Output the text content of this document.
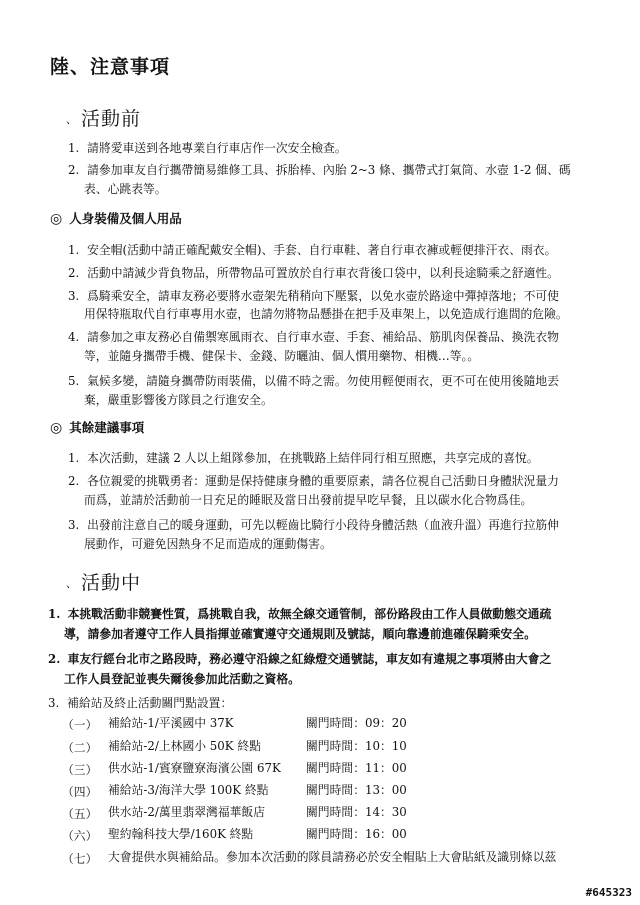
陸、注意事項
、 活動前
1. 請將愛車送到各地專業自行車店作一次安全檢查。
2. 請參加車友自行攜帶簡易維修工具、拆胎棒、內胎 2~3 條、攜帶式打氣筒、水壺 1-2 個、碼
表、心跳表等。
◎ 人身裝備及個人用品
1. 安全帽(活動中請正確配戴安全帽)、手套、自行車鞋、著自行車衣褲或輕便排汗衣、雨衣。
2. 活動中請減少背負物品，所帶物品可置放於自行車衣背後口袋中，以利長途騎乘之舒適性。
3. 爲騎乘安全，請車友務必要將水壺架先稍稍向下壓緊，以免水壺於路途中彈掉落地；不可使
用保特瓶取代自行車專用水壺，也請勿將物品懸掛在把手及車架上，以免造成行進間的危險。
4. 請參加之車友務必自備禦寒風雨衣、自行車水壺、手套、補給品、筋肌肉保養品、換洗衣物
等，並隨身攜帶手機、健保卡、金錢、防曬油、個人慣用藥物、相機…等。。
5. 氣候多變，請隨身攜帶防雨裝備，以備不時之需。勿使用輕便雨衣，更不可在使用後隨地丟
棄，嚴重影響後方隊員之行進安全。
◎ 其餘建議事項
1. 本次活動，建議 2 人以上組隊參加，在挑戰路上結伴同行相互照應，共享完成的喜悅。
2. 各位親愛的挑戰勇者：運動是保持健康身體的重要原素，請各位視自己活動日身體狀況量力
而爲，並請於活動前一日充足的睡眠及當日出發前提早吃早餐，且以碳水化合物爲佳。
3. 出發前注意自己的暖身運動，可先以輕齒比騎行小段待身體活熱（血液升溫）再進行拉筋伸
展動作，可避免因熱身不足而造成的運動傷害。
、 活動中
1. 本挑戰活動非競賽性質，爲挑戰自我，故無全線交通管制，部份路段由工作人員做動態交通疏
導，請參加者遵守工作人員指揮並確實遵守交通規則及號誌，順向靠邊前進確保騎乘安全。
2. 車友行經台北市之路段時，務必遵守沿線之紅綠燈交通號誌，車友如有違規之事項將由大會之
工作人員登記並喪失爾後參加此活動之資格。
3. 補給站及終止活動關門點設置：
（一） 補給站-1/平溪國中 37K	關門時間：09：20
（二） 補給站-2/上林國小 50K 終點	關門時間：10：10
（三） 供水站-1/賓寮鹽寮海濱公園 67K 關門時間：11：00
（四） 補給站-3/海洋大學 100K 終點	關門時間：13：00
（五） 供水站-2/萬里翡翠灣福華飯店	關門時間：14：30
（六） 聖約翰科技大學/160K 終點	關門時間：16：00
（七） 大會提供水與補給品。參加本次活動的隊員請務必於安全帽貼上大會貼紙及識別條以茲
#645323
